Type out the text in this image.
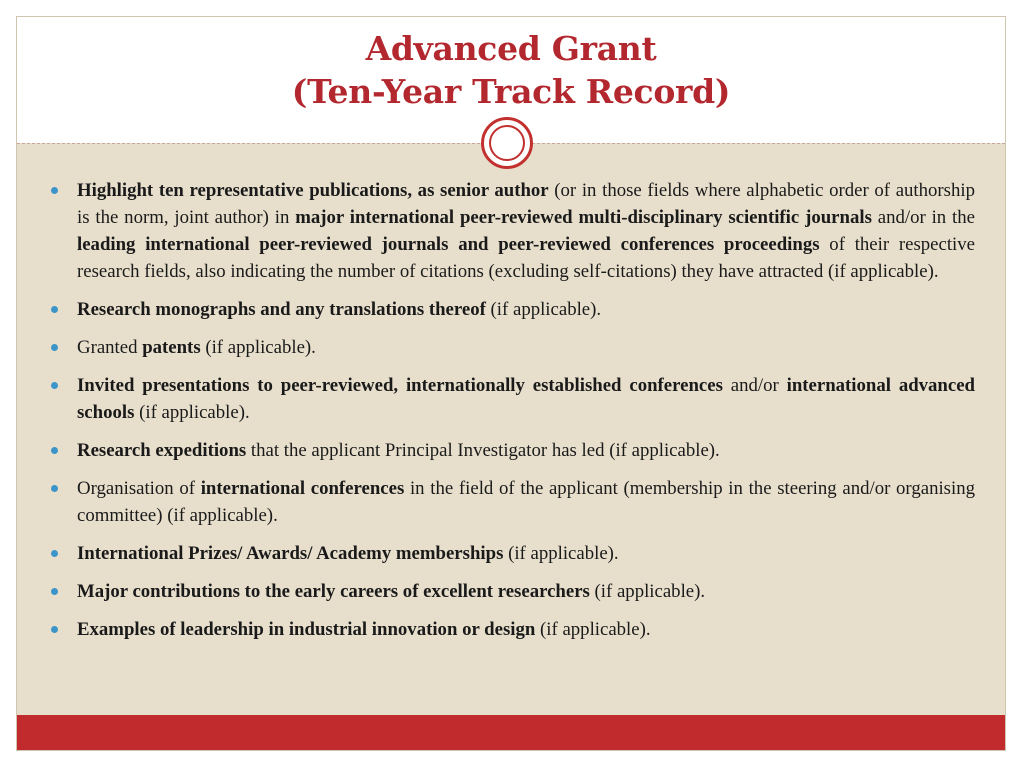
Advanced Grant
(Ten-Year Track Record)
Highlight ten representative publications, as senior author (or in those fields where alphabetic order of authorship is the norm, joint author) in major international peer-reviewed multi-disciplinary scientific journals and/or in the leading international peer-reviewed journals and peer-reviewed conferences proceedings of their respective research fields, also indicating the number of citations (excluding self-citations) they have attracted (if applicable).
Research monographs and any translations thereof (if applicable).
Granted patents (if applicable).
Invited presentations to peer-reviewed, internationally established conferences and/or international advanced schools (if applicable).
Research expeditions that the applicant Principal Investigator has led (if applicable).
Organisation of international conferences in the field of the applicant (membership in the steering and/or organising committee) (if applicable).
International Prizes/ Awards/ Academy memberships (if applicable).
Major contributions to the early careers of excellent researchers (if applicable).
Examples of leadership in industrial innovation or design (if applicable).
